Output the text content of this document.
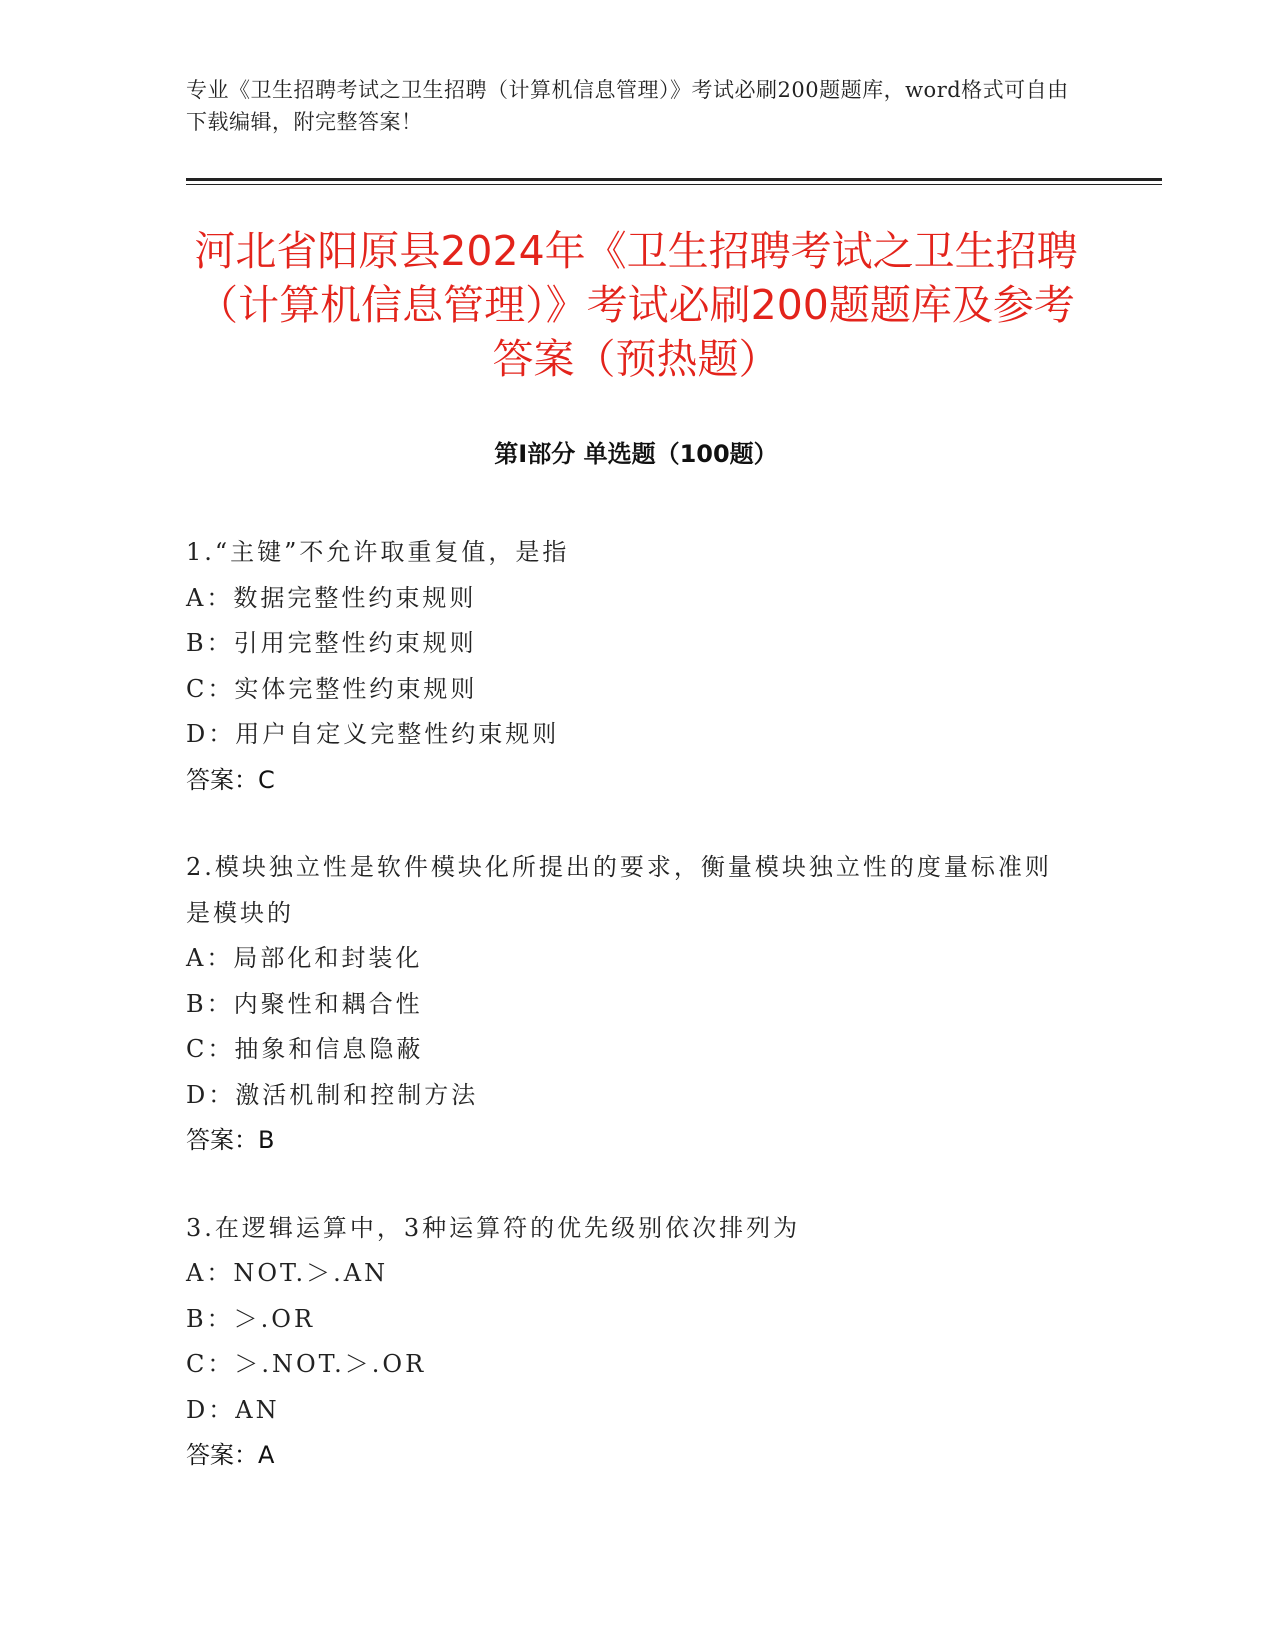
专业《卫生招聘考试之卫生招聘（计算机信息管理）》考试必刷200题题库，word格式可自由下载编辑，附完整答案！
河北省阳原县2024年《卫生招聘考试之卫生招聘（计算机信息管理）》考试必刷200题题库及参考答案（预热题）
第Ⅰ部分 单选题（100题）
1.“主键”不允许取重复值，是指
A：数据完整性约束规则
B：引用完整性约束规则
C：实体完整性约束规则
D：用户自定义完整性约束规则
答案：C
2.模块独立性是软件模块化所提出的要求，衡量模块独立性的度量标准则是模块的
A：局部化和封装化
B：内聚性和耦合性
C：抽象和信息隐蔽
D：激活机制和控制方法
答案：B
3.在逻辑运算中，3种运算符的优先级别依次排列为
A：NOT.＞.AN
B：＞.OR
C：＞.NOT.＞.OR
D：AN
答案：A
